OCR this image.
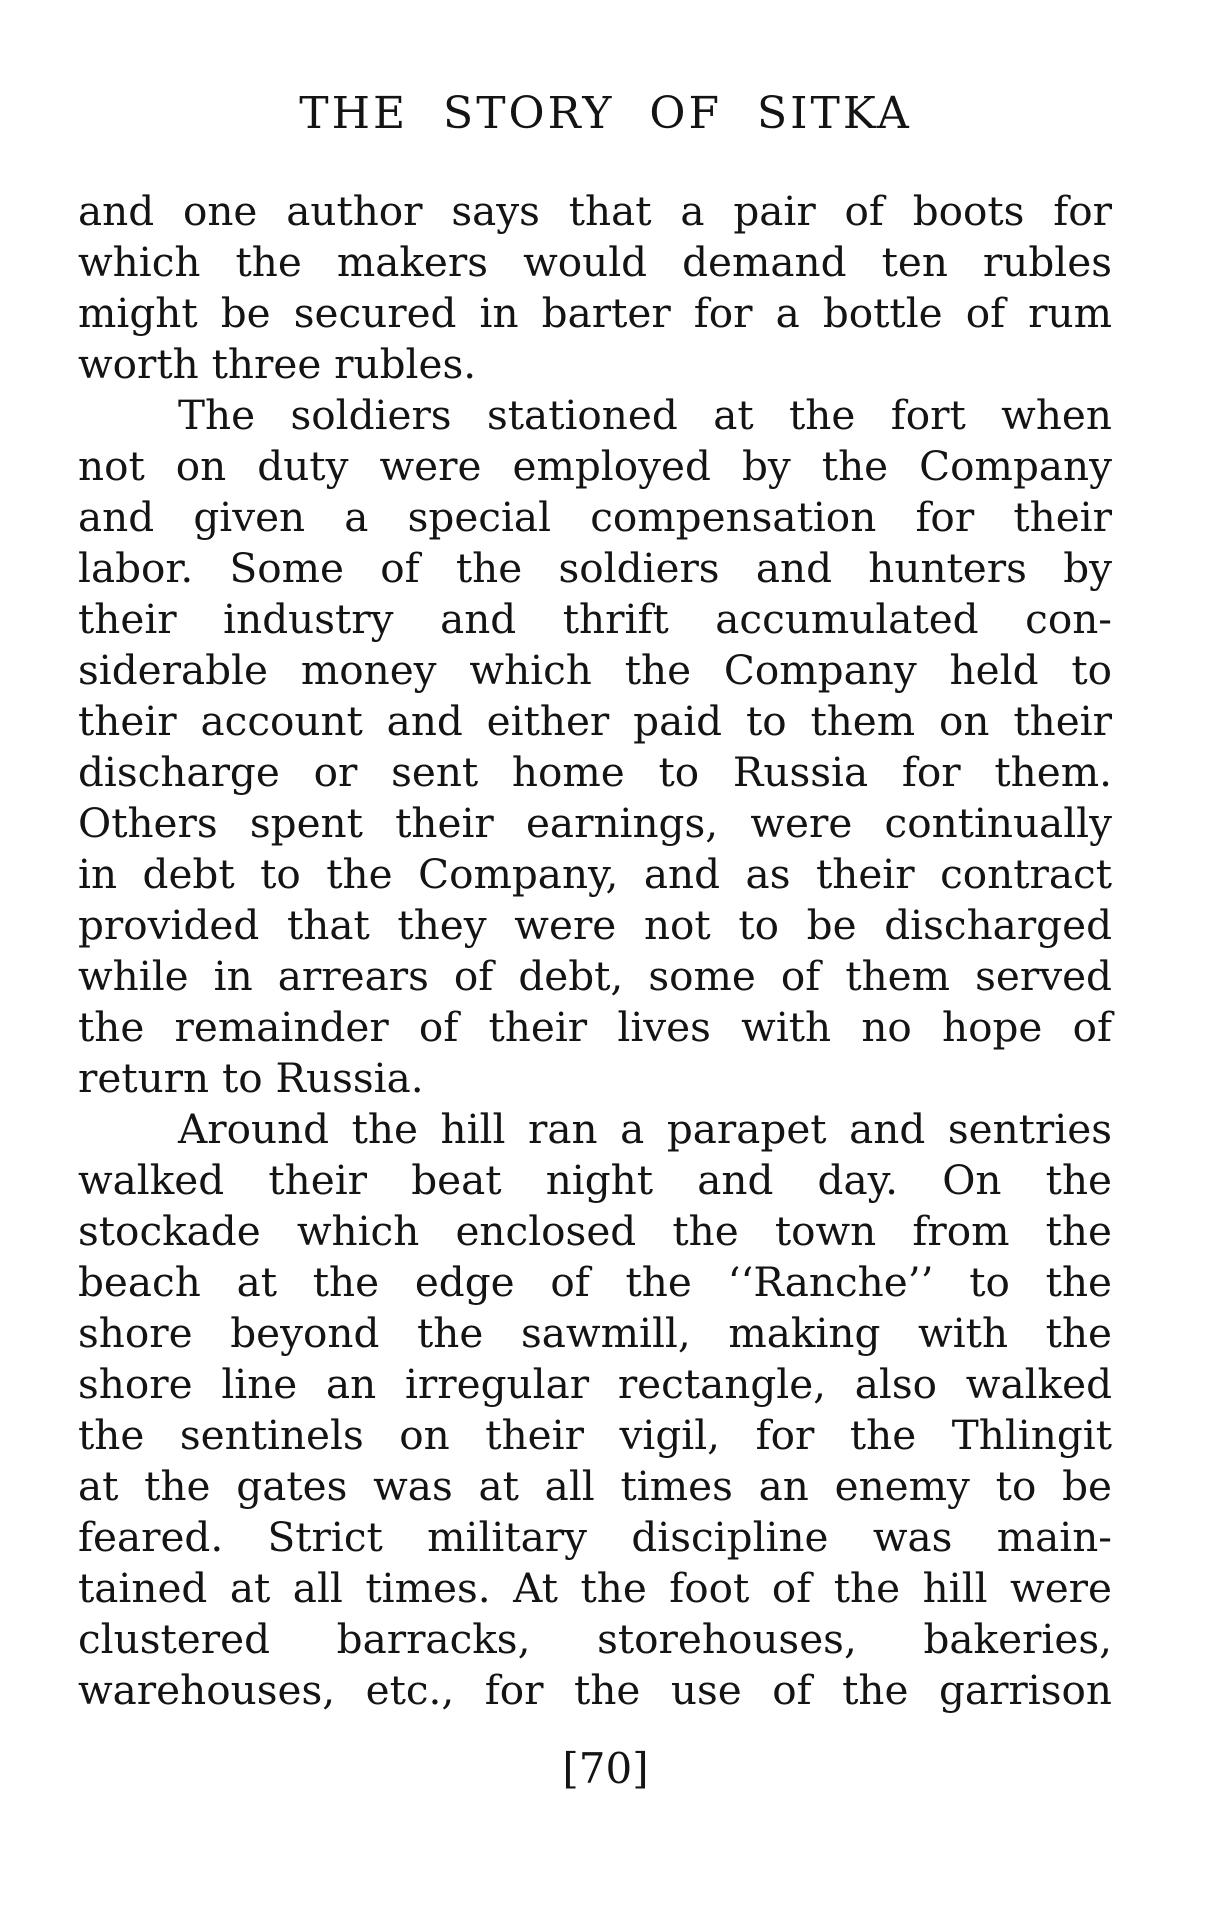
THE STORY OF SITKA
and one author says that a pair of boots for
which the makers would demand ten rubles
might be secured in barter for a bottle of rum
worth three rubles.
The soldiers stationed at the fort when
not on duty were employed by the Company
and given a special compensation for their
labor. Some of the soldiers and hunters by
their industry and thrift accumulated con-
siderable money which the Company held to
their account and either paid to them on their
discharge or sent home to Russia for them.
Others spent their earnings, were continually
in debt to the Company, and as their contract
provided that they were not to be discharged
while in arrears of debt, some of them served
the remainder of their lives with no hope of
return to Russia.
Around the hill ran a parapet and sentries
walked their beat night and day. On the
stockade which enclosed the town from the
beach at the edge of the ‘‘Ranche’’ to the
shore beyond the sawmill, making with the
shore line an irregular rectangle, also walked
the sentinels on their vigil, for the Thlingit
at the gates was at all times an enemy to be
feared. Strict military discipline was main-
tained at all times. At the foot of the hill were
clustered barracks, storehouses, bakeries,
warehouses, etc., for the use of the garrison
[70]
